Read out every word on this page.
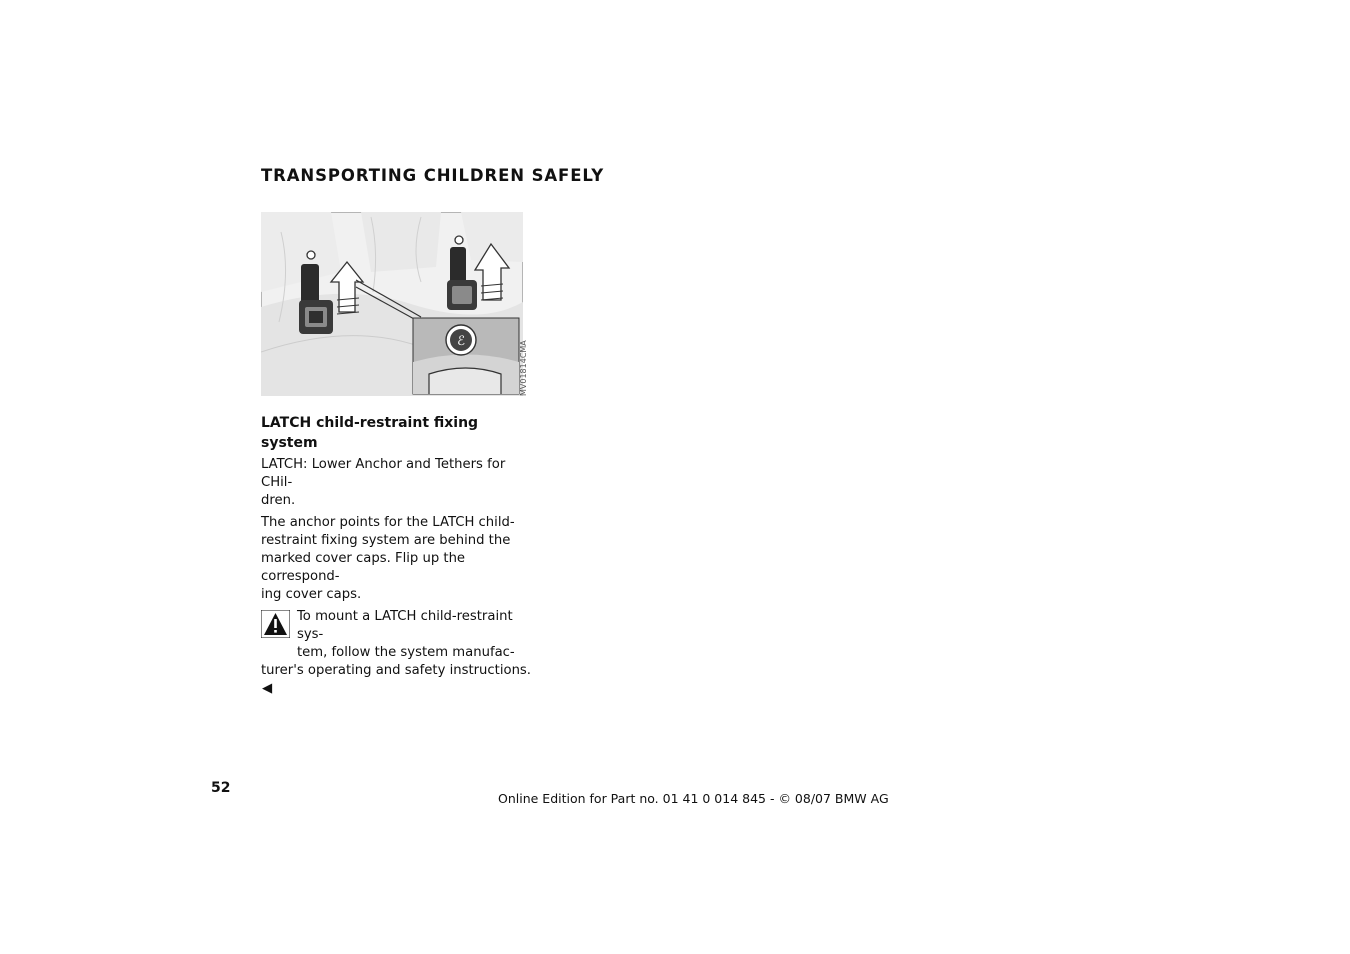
TRANSPORTING CHILDREN SAFELY
ℰ	MV01814CMA
LATCH child-restraint fixing system

LATCH: Lower Anchor and Tethers for CHil-
dren.

The anchor points for the LATCH child-
restraint fixing system are behind the
marked cover caps. Flip up the correspond-
ing cover caps.

To mount a LATCH child-restraint sys-
tem, follow the system manufac-
turer's operating and safety instructions.◀
52
Online Edition for Part no. 01 41 0 014 845 - © 08/07 BMW AG
